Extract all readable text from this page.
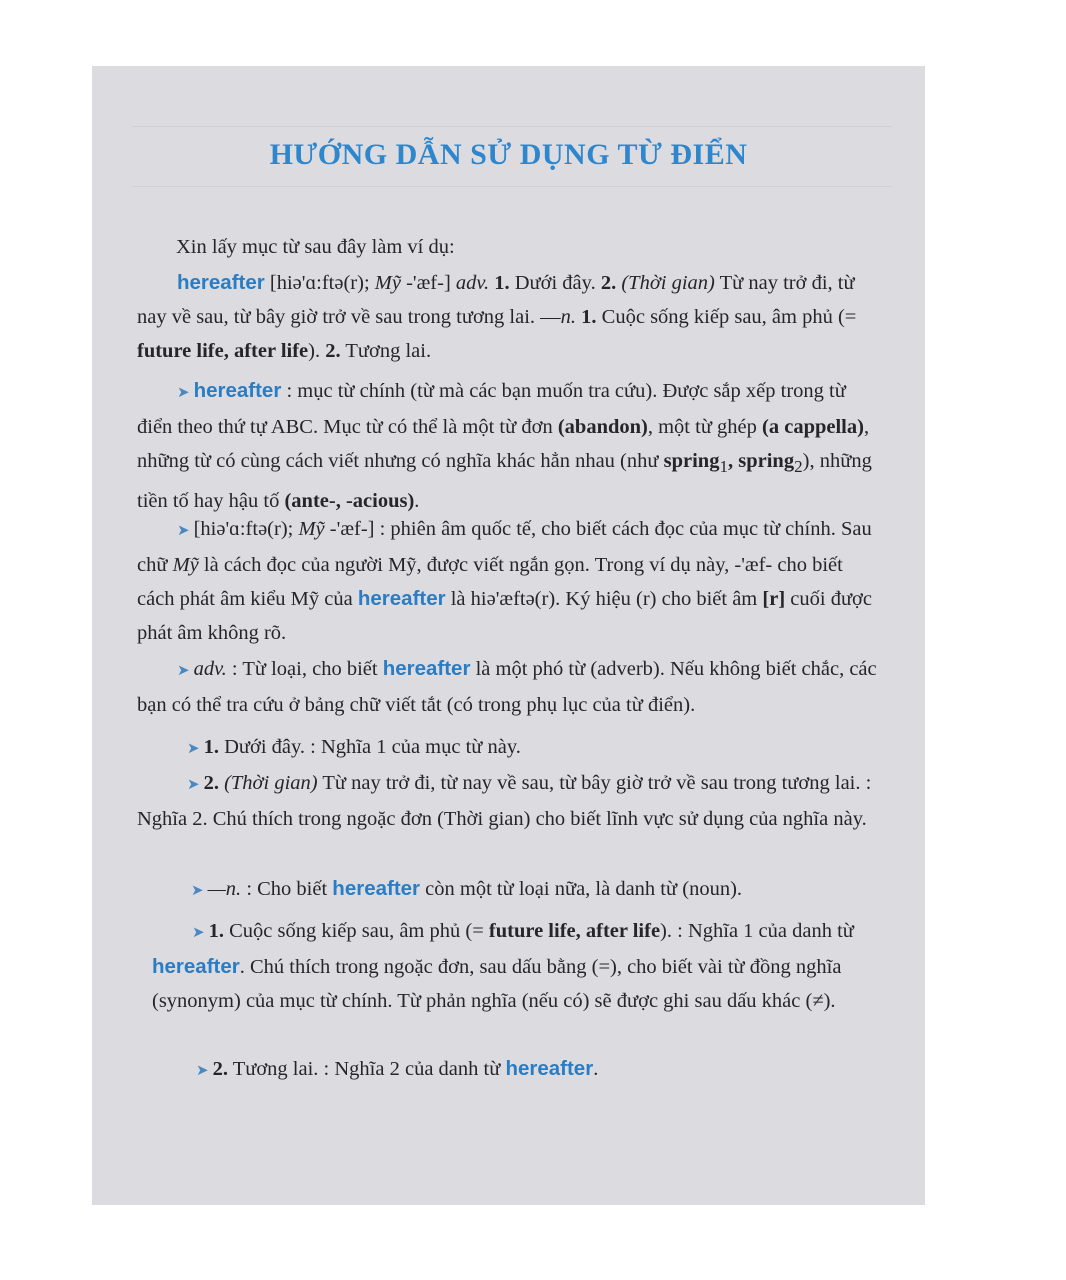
HƯỚNG DẪN SỬ DỤNG TỪ ĐIỂN

Xin lấy mục từ sau đây làm ví dụ:

hereafter [hiə'ɑ:ftə(r); Mỹ -'æf-] adv. 1. Dưới đây. 2. (Thời gian) Từ nay trở đi, từ nay về sau, từ bây giờ trở về sau trong tương lai. —n. 1. Cuộc sống kiếp sau, âm phủ (= future life, after life). 2. Tương lai.

➤ hereafter : mục từ chính (từ mà các bạn muốn tra cứu). Được sắp xếp trong từ điển theo thứ tự ABC. Mục từ có thể là một từ đơn (abandon), một từ ghép (a cappella), những từ có cùng cách viết nhưng có nghĩa khác hẳn nhau (như spring$_1$, spring$_2$), những tiền tố hay hậu tố (ante-, -acious).

➤ [hiə'ɑ:ftə(r); Mỹ -'æf-] : phiên âm quốc tế, cho biết cách đọc của mục từ chính. Sau chữ Mỹ là cách đọc của người Mỹ, được viết ngắn gọn. Trong ví dụ này, -'æf- cho biết cách phát âm kiểu Mỹ của hereafter là hiə'æftə(r). Ký hiệu (r) cho biết âm [r] cuối được phát âm không rõ.

➤ adv. : Từ loại, cho biết hereafter là một phó từ (adverb). Nếu không biết chắc, các bạn có thể tra cứu ở bảng chữ viết tắt (có trong phụ lục của từ điển).

➤ 1. Dưới đây. : Nghĩa 1 của mục từ này.

➤ 2. (Thời gian) Từ nay trở đi, từ nay về sau, từ bây giờ trở về sau trong tương lai. : Nghĩa 2. Chú thích trong ngoặc đơn (Thời gian) cho biết lĩnh vực sử dụng của nghĩa này.

➤ —n. : Cho biết hereafter còn một từ loại nữa, là danh từ (noun).

➤ 1. Cuộc sống kiếp sau, âm phủ (= future life, after life). : Nghĩa 1 của danh từ hereafter. Chú thích trong ngoặc đơn, sau dấu bằng (=), cho biết vài từ đồng nghĩa (synonym) của mục từ chính. Từ phản nghĩa (nếu có) sẽ được ghi sau dấu khác (≠).

➤ 2. Tương lai. : Nghĩa 2 của danh từ hereafter.
